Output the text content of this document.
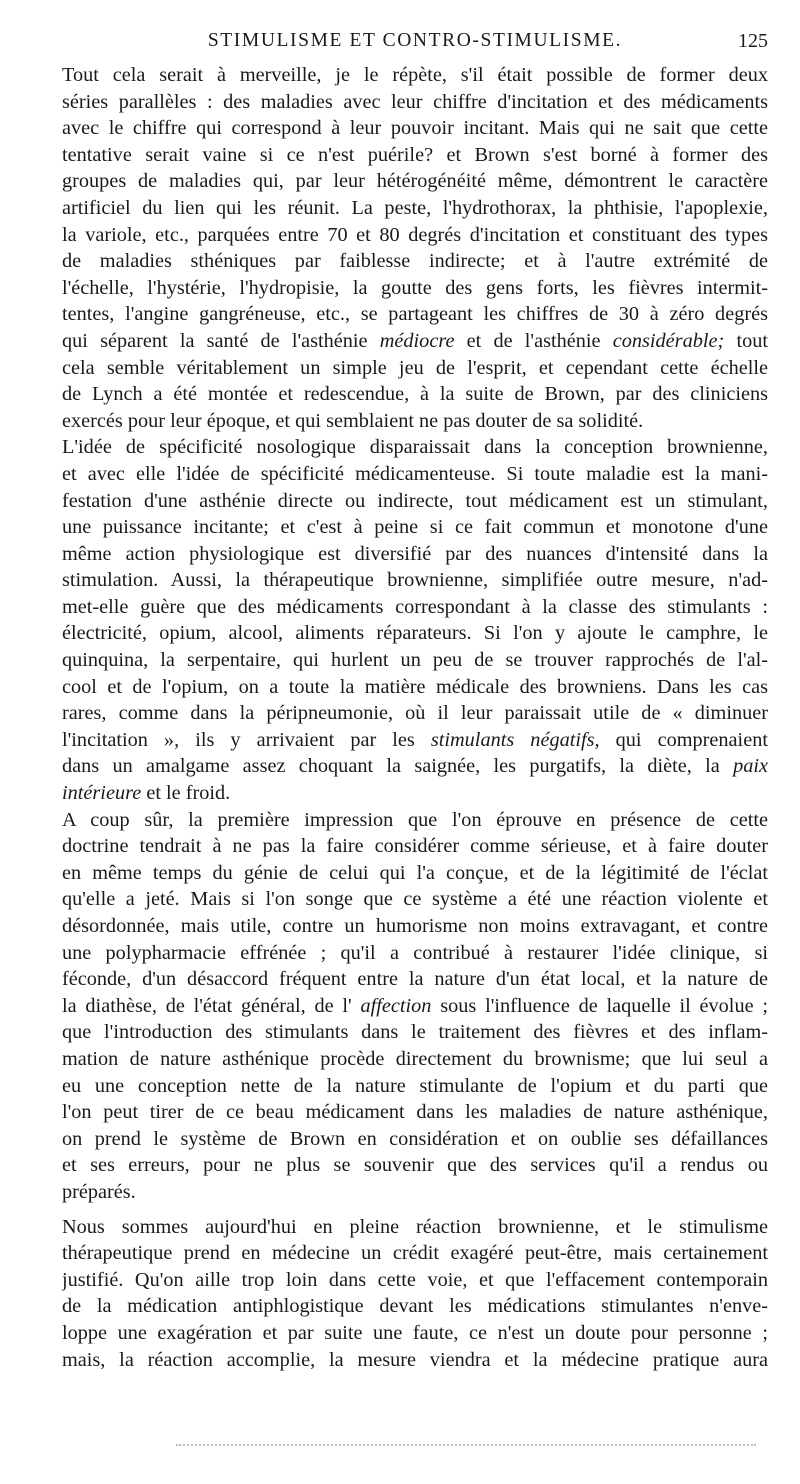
STIMULISME ET CONTRO-STIMULISME.	125
Tout cela serait à merveille, je le répète, s'il était possible de former deux
séries parallèles : des maladies avec leur chiffre d'incitation et des médicaments
avec le chiffre qui correspond à leur pouvoir incitant. Mais qui ne sait que cette
tentative serait vaine si ce n'est puérile? et Brown s'est borné à former des
groupes de maladies qui, par leur hétérogénéité même, démontrent le caractère
artificiel du lien qui les réunit. La peste, l'hydrothorax, la phthisie, l'apoplexie,
la variole, etc., parquées entre 70 et 80 degrés d'incitation et constituant des types
de maladies sthéniques par faiblesse indirecte; et à l'autre extrémité de
l'échelle, l'hystérie, l'hydropisie, la goutte des gens forts, les fièvres intermit-
tentes, l'angine gangréneuse, etc., se partageant les chiffres de 30 à zéro degrés
qui séparent la santé de l'asthénie médiocre et de l'asthénie considérable; tout
cela semble véritablement un simple jeu de l'esprit, et cependant cette échelle
de Lynch a été montée et redescendue, à la suite de Brown, par des cliniciens
exercés pour leur époque, et qui semblaient ne pas douter de sa solidité.
L'idée de spécificité nosologique disparaissait dans la conception brownienne,
et avec elle l'idée de spécificité médicamenteuse. Si toute maladie est la mani-
festation d'une asthénie directe ou indirecte, tout médicament est un stimulant,
une puissance incitante; et c'est à peine si ce fait commun et monotone d'une
même action physiologique est diversifié par des nuances d'intensité dans la
stimulation. Aussi, la thérapeutique brownienne, simplifiée outre mesure, n'ad-
met-elle guère que des médicaments correspondant à la classe des stimulants :
électricité, opium, alcool, aliments réparateurs. Si l'on y ajoute le camphre, le
quinquina, la serpentaire, qui hurlent un peu de se trouver rapprochés de l'al-
cool et de l'opium, on a toute la matière médicale des browniens. Dans les cas
rares, comme dans la péripneumonie, où il leur paraissait utile de « diminuer
l'incitation », ils y arrivaient par les stimulants négatifs, qui comprenaient
dans un amalgame assez choquant la saignée, les purgatifs, la diète, la paix
intérieure et le froid.
A coup sûr, la première impression que l'on éprouve en présence de cette
doctrine tendrait à ne pas la faire considérer comme sérieuse, et à faire douter
en même temps du génie de celui qui l'a conçue, et de la légitimité de l'éclat
qu'elle a jeté. Mais si l'on songe que ce système a été une réaction violente et
désordonnée, mais utile, contre un humorisme non moins extravagant, et contre
une polypharmacie effrénée ; qu'il a contribué à restaurer l'idée clinique, si
féconde, d'un désaccord fréquent entre la nature d'un état local, et la nature de
la diathèse, de l'état général, de l' affection sous l'influence de laquelle il évolue ;
que l'introduction des stimulants dans le traitement des fièvres et des inflam-
mation de nature asthénique procède directement du brownisme; que lui seul a
eu une conception nette de la nature stimulante de l'opium et du parti que
l'on peut tirer de ce beau médicament dans les maladies de nature asthénique,
on prend le système de Brown en considération et on oublie ses défaillances
et ses erreurs, pour ne plus se souvenir que des services qu'il a rendus ou
préparés.
Nous sommes aujourd'hui en pleine réaction brownienne, et le stimulisme
thérapeutique prend en médecine un crédit exagéré peut-être, mais certainement
justifié. Qu'on aille trop loin dans cette voie, et que l'effacement contemporain
de la médication antiphlogistique devant les médications stimulantes n'enve-
loppe une exagération et par suite une faute, ce n'est un doute pour personne ;
mais, la réaction accomplie, la mesure viendra et la médecine pratique aura
